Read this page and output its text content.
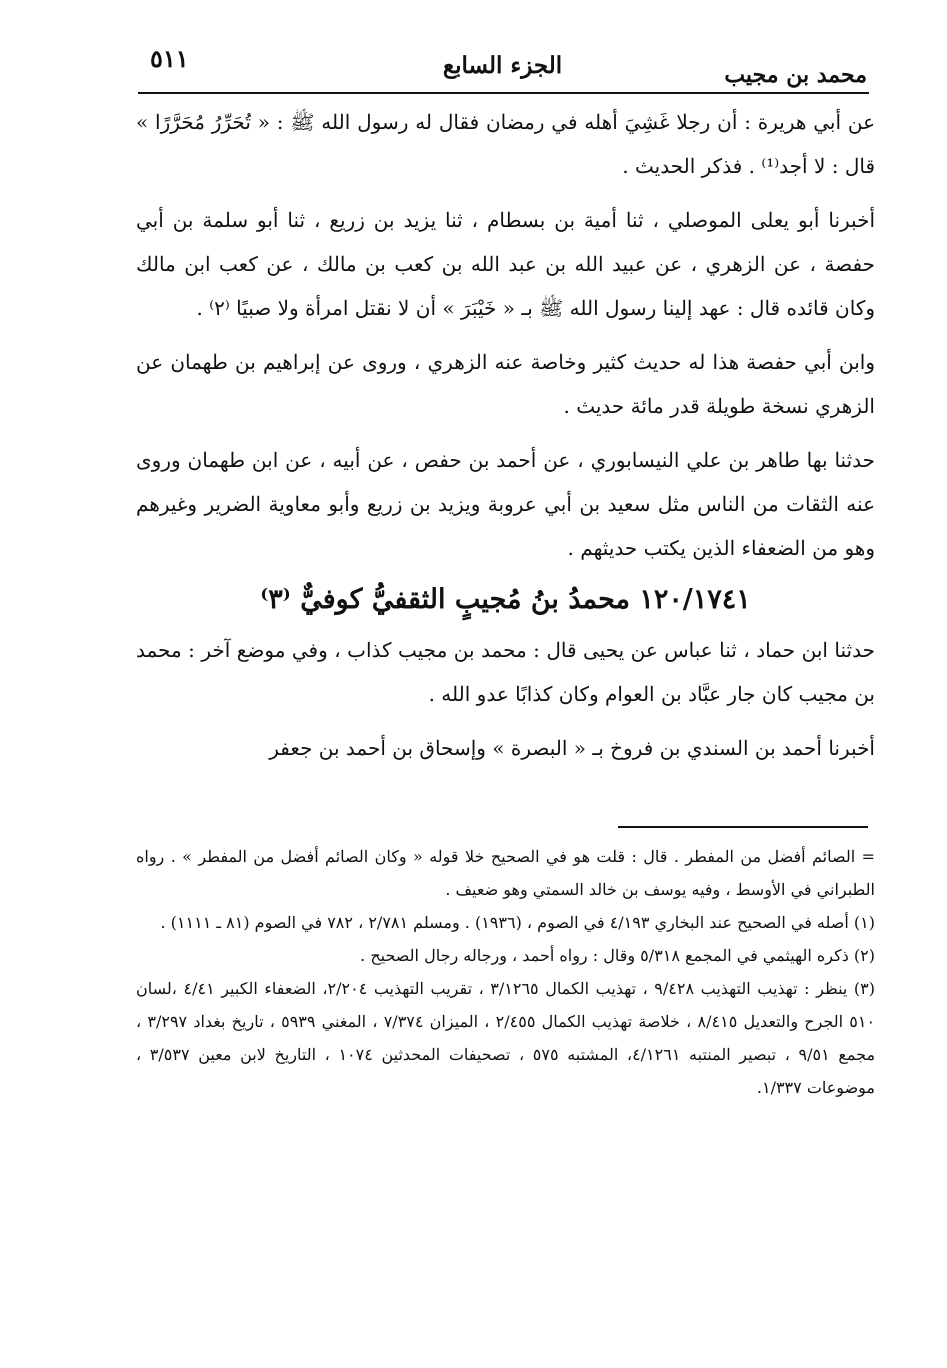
٥١١	الجزء السابع	محمد بن مجيب

عن أبي هريرة : أن رجلا غَشِيَ أهله في رمضان فقال له رسول الله ﷺ : « تُحَرِّرُ مُحَرَّرًا » قال : لا أجد⁽¹⁾ . فذكر الحديث .

أخبرنا أبو يعلى الموصلي ، ثنا أمية بن بسطام ، ثنا يزيد بن زريع ، ثنا أبو سلمة بن أبي حفصة ، عن الزهري ، عن عبيد الله بن عبد الله بن كعب بن مالك ، عن كعب ابن مالك وكان قائده قال : عهد إلينا رسول الله ﷺ بـ « خَيْبَرَ » أن لا نقتل امرأة ولا صبيًا ⁽٢⁾ .

وابن أبي حفصة هذا له حديث كثير وخاصة عنه الزهري ، وروى عن إبراهيم بن طهمان عن الزهري نسخة طويلة قدر مائة حديث .

حدثنا بها طاهر بن علي النيسابوري ، عن أحمد بن حفص ، عن أبيه ، عن ابن طهمان وروى عنه الثقات من الناس مثل سعيد بن أبي عروبة ويزيد بن زريع وأبو معاوية الضرير وغيرهم وهو من الضعفاء الذين يكتب حديثهم .

١٢٠/١٧٤١ محمدُ بنُ مُجيبٍ الثقفيُّ كوفيٌّ ⁽٣⁾

حدثنا ابن حماد ، ثنا عباس عن يحيى قال : محمد بن مجيب كذاب ، وفي موضع آخر : محمد بن مجيب كان جار عبَّاد بن العوام وكان كذابًا عدو الله .

أخبرنا أحمد بن السندي بن فروخ بـ « البصرة » وإسحاق بن أحمد بن جعفر

= الصائم أفضل من المفطر . قال : قلت هو في الصحيح خلا قوله « وكان الصائم أفضل من المفطر » . رواه الطبراني في الأوسط ، وفيه يوسف بن خالد السمتي وهو ضعيف .

(١) أصله في الصحيح عند البخاري ٤/١٩٣ في الصوم ، (١٩٣٦) . ومسلم ٢/٧٨١ ، ٧٨٢ في الصوم (٨١ ـ ١١١١) .

(٢) ذكره الهيثمي في المجمع ٥/٣١٨ وقال : رواه أحمد ، ورجاله رجال الصحيح .

(٣) ينظر : تهذيب التهذيب ٩/٤٢٨ ، تهذيب الكمال ٣/١٢٦٥ ، تقريب التهذيب ٢/٢٠٤، الضعفاء الكبير ٤/٤١ ،لسان ٥١٠ الجرح والتعديل ٨/٤١٥ ، خلاصة تهذيب الكمال ٢/٤٥٥ ، الميزان ٧/٣٧٤ ، المغني ٥٩٣٩ ، تاريخ بغداد ٣/٢٩٧ ، مجمع ٩/٥١ ، تبصير المنتبه ٤/١٢٦١، المشتبه ٥٧٥ ، تصحيفات المحدثين ١٠٧٤ ، التاريخ لابن معين ٣/٥٣٧ ، موضوعات ١/٣٣٧.
